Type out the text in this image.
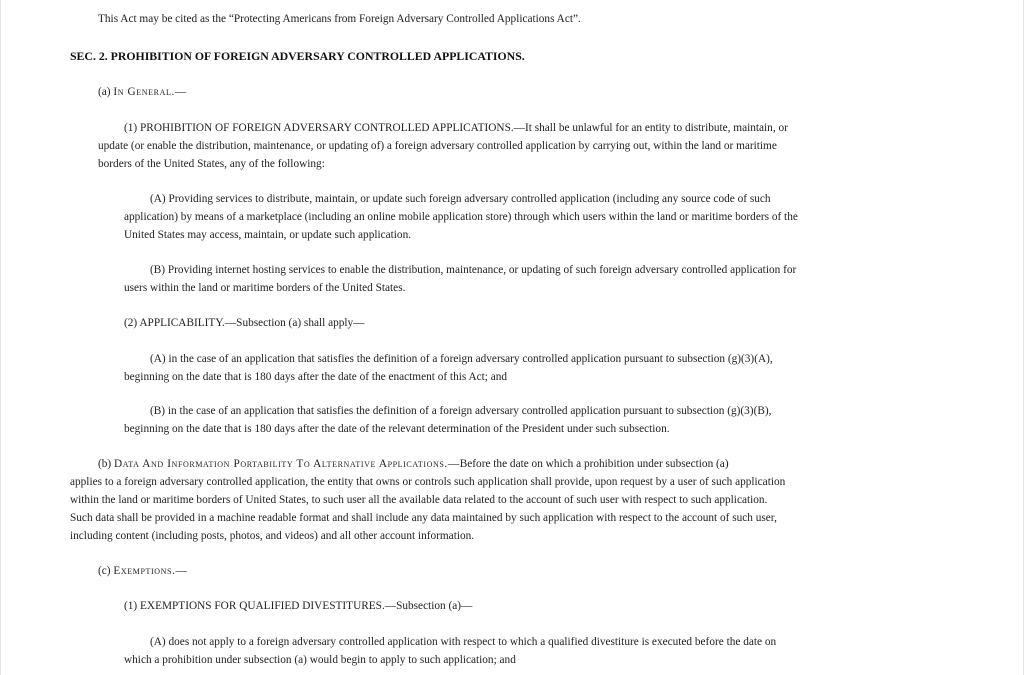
This Act may be cited as the “Protecting Americans from Foreign Adversary Controlled Applications Act”.
SEC. 2. PROHIBITION OF FOREIGN ADVERSARY CONTROLLED APPLICATIONS.
(a) In General.—
(1) PROHIBITION OF FOREIGN ADVERSARY CONTROLLED APPLICATIONS.—It shall be unlawful for an entity to distribute, maintain, or
update (or enable the distribution, maintenance, or updating of) a foreign adversary controlled application by carrying out, within the land or maritime
borders of the United States, any of the following:
(A) Providing services to distribute, maintain, or update such foreign adversary controlled application (including any source code of such
application) by means of a marketplace (including an online mobile application store) through which users within the land or maritime borders of the
United States may access, maintain, or update such application.
(B) Providing internet hosting services to enable the distribution, maintenance, or updating of such foreign adversary controlled application for
users within the land or maritime borders of the United States.
(2) APPLICABILITY.—Subsection (a) shall apply—
(A) in the case of an application that satisfies the definition of a foreign adversary controlled application pursuant to subsection (g)(3)(A),
beginning on the date that is 180 days after the date of the enactment of this Act; and
(B) in the case of an application that satisfies the definition of a foreign adversary controlled application pursuant to subsection (g)(3)(B),
beginning on the date that is 180 days after the date of the relevant determination of the President under such subsection.
(b) Data And Information Portability To Alternative Applications.—Before the date on which a prohibition under subsection (a)
applies to a foreign adversary controlled application, the entity that owns or controls such application shall provide, upon request by a user of such application
within the land or maritime borders of United States, to such user all the available data related to the account of such user with respect to such application.
Such data shall be provided in a machine readable format and shall include any data maintained by such application with respect to the account of such user,
including content (including posts, photos, and videos) and all other account information.
(c) Exemptions.—
(1) EXEMPTIONS FOR QUALIFIED DIVESTITURES.—Subsection (a)—
(A) does not apply to a foreign adversary controlled application with respect to which a qualified divestiture is executed before the date on
which a prohibition under subsection (a) would begin to apply to such application; and
